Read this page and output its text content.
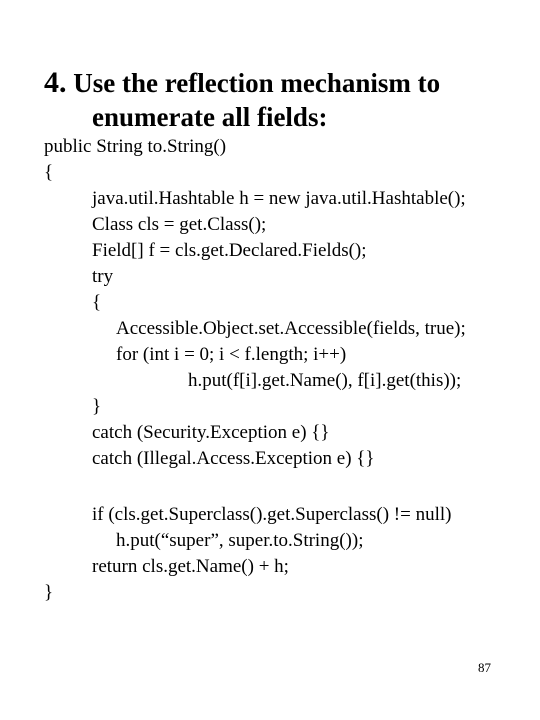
4. Use the reflection mechanism to
enumerate all fields:
public String to.String()
{
java.util.Hashtable h = new java.util.Hashtable();
Class cls = get.Class();
Field[] f = cls.get.Declared.Fields();
try
{
Accessible.Object.set.Accessible(fields, true);
for (int i = 0; i < f.length; i++)
h.put(f[i].get.Name(), f[i].get(this));
}
catch (Security.Exception e) {}
catch (Illegal.Access.Exception e) {}
if (cls.get.Superclass().get.Superclass() != null)
h.put(“super”, super.to.String());
return cls.get.Name() + h;
}
87
